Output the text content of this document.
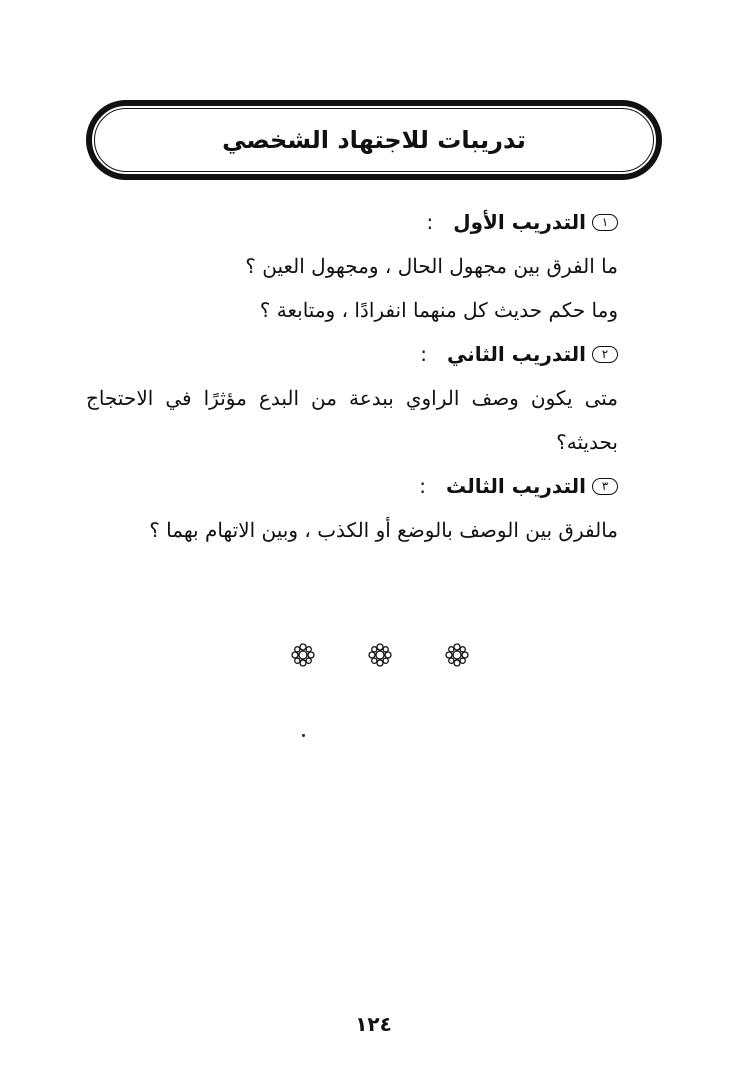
تدريبات للاجتهاد الشخصي
١
التدريب الأول
:
ما الفرق بين مجهول الحال ، ومجهول العين ؟
وما حكم حديث كل منهما انفرادًا ، ومتابعة ؟
٢
التدريب الثاني
:
متى يكون وصف الراوي ببدعة من البدع مؤثرًا في الاحتجاج
بحديثه؟
٣
التدريب الثالث
:
مالفرق بين الوصف بالوضع أو الكذب ، وبين الاتهام بهما ؟
١٢٤
